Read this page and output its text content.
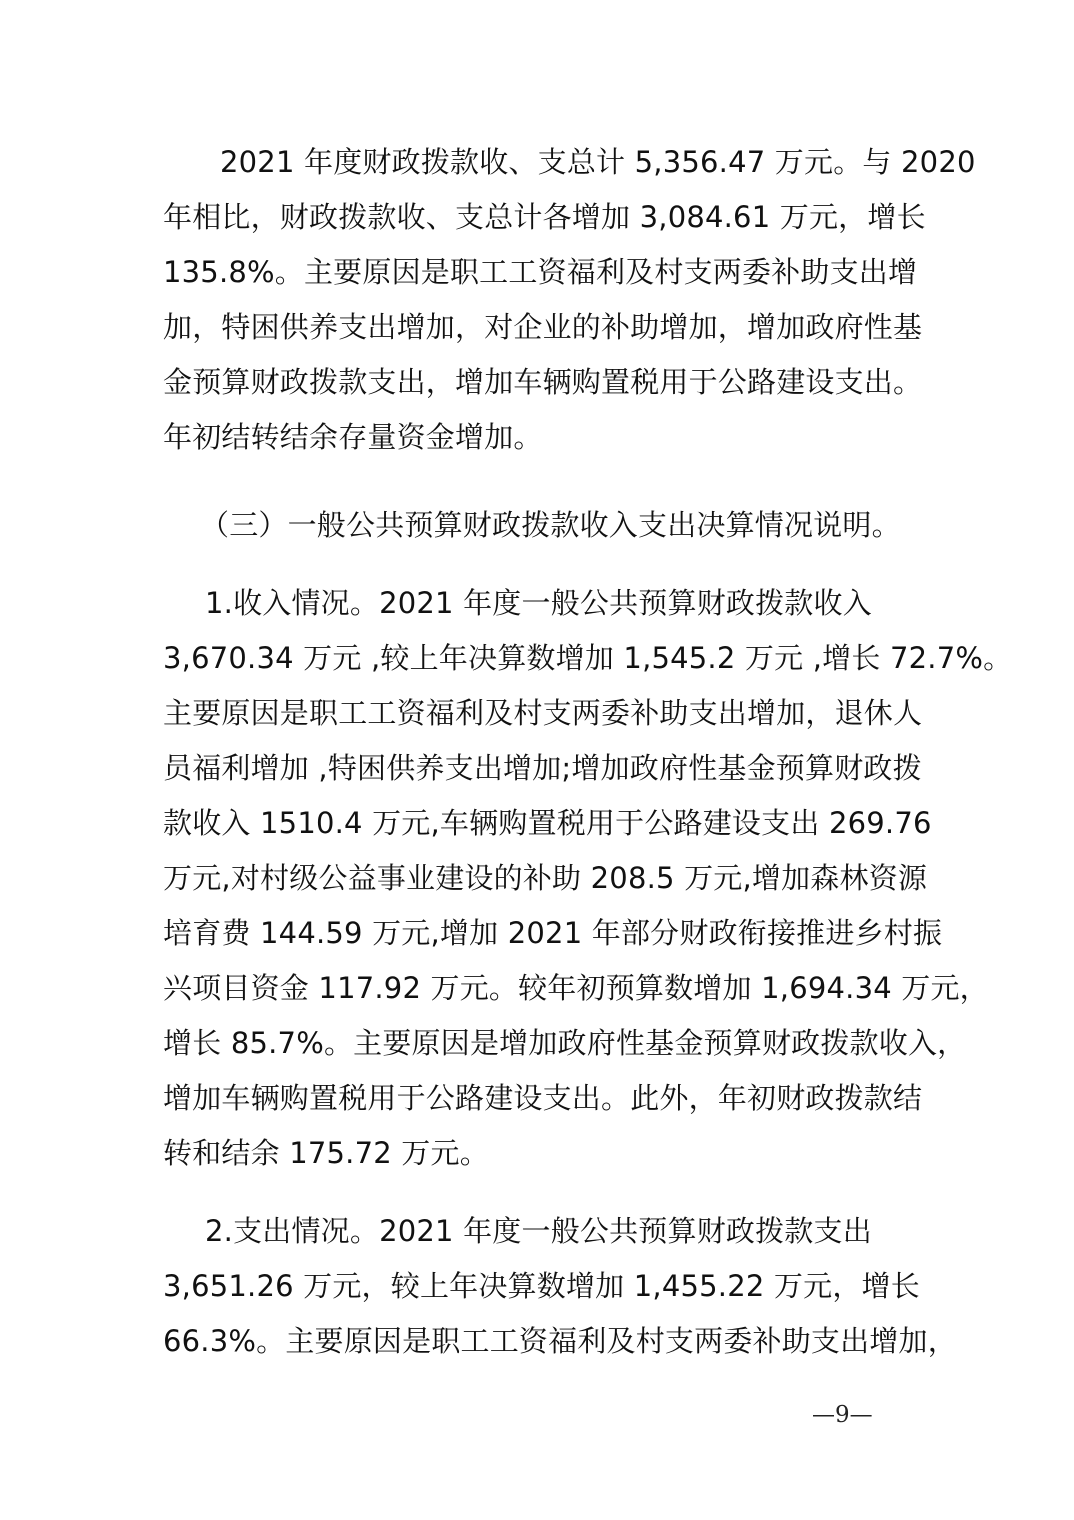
2021 年度财政拨款收、支总计 5,356.47 万元。与 2020
年相比，财政拨款收、支总计各增加 3,084.61 万元，增长
135.8%。主要原因是职工工资福利及村支两委补助支出增
加，特困供养支出增加，对企业的补助增加，增加政府性基
金预算财政拨款支出，增加车辆购置税用于公路建设支出。
年初结转结余存量资金增加。
（三）一般公共预算财政拨款收入支出决算情况说明。
1.收入情况。2021 年度一般公共预算财政拨款收入
3,670.34 万元 ,较上年决算数增加 1,545.2 万元 ,增长 72.7%。
主要原因是职工工资福利及村支两委补助支出增加，退休人
员福利增加 ,特困供养支出增加;增加政府性基金预算财政拨
款收入 1510.4 万元,车辆购置税用于公路建设支出 269.76
万元,对村级公益事业建设的补助 208.5 万元,增加森林资源
培育费 144.59 万元,增加 2021 年部分财政衔接推进乡村振
兴项目资金 117.92 万元。较年初预算数增加 1,694.34 万元，
增长 85.7%。主要原因是增加政府性基金预算财政拨款收入，
增加车辆购置税用于公路建设支出。此外，年初财政拨款结
转和结余 175.72 万元。
2.支出情况。2021 年度一般公共预算财政拨款支出
3,651.26 万元，较上年决算数增加 1,455.22 万元，增长
66.3%。主要原因是职工工资福利及村支两委补助支出增加，
—9—
